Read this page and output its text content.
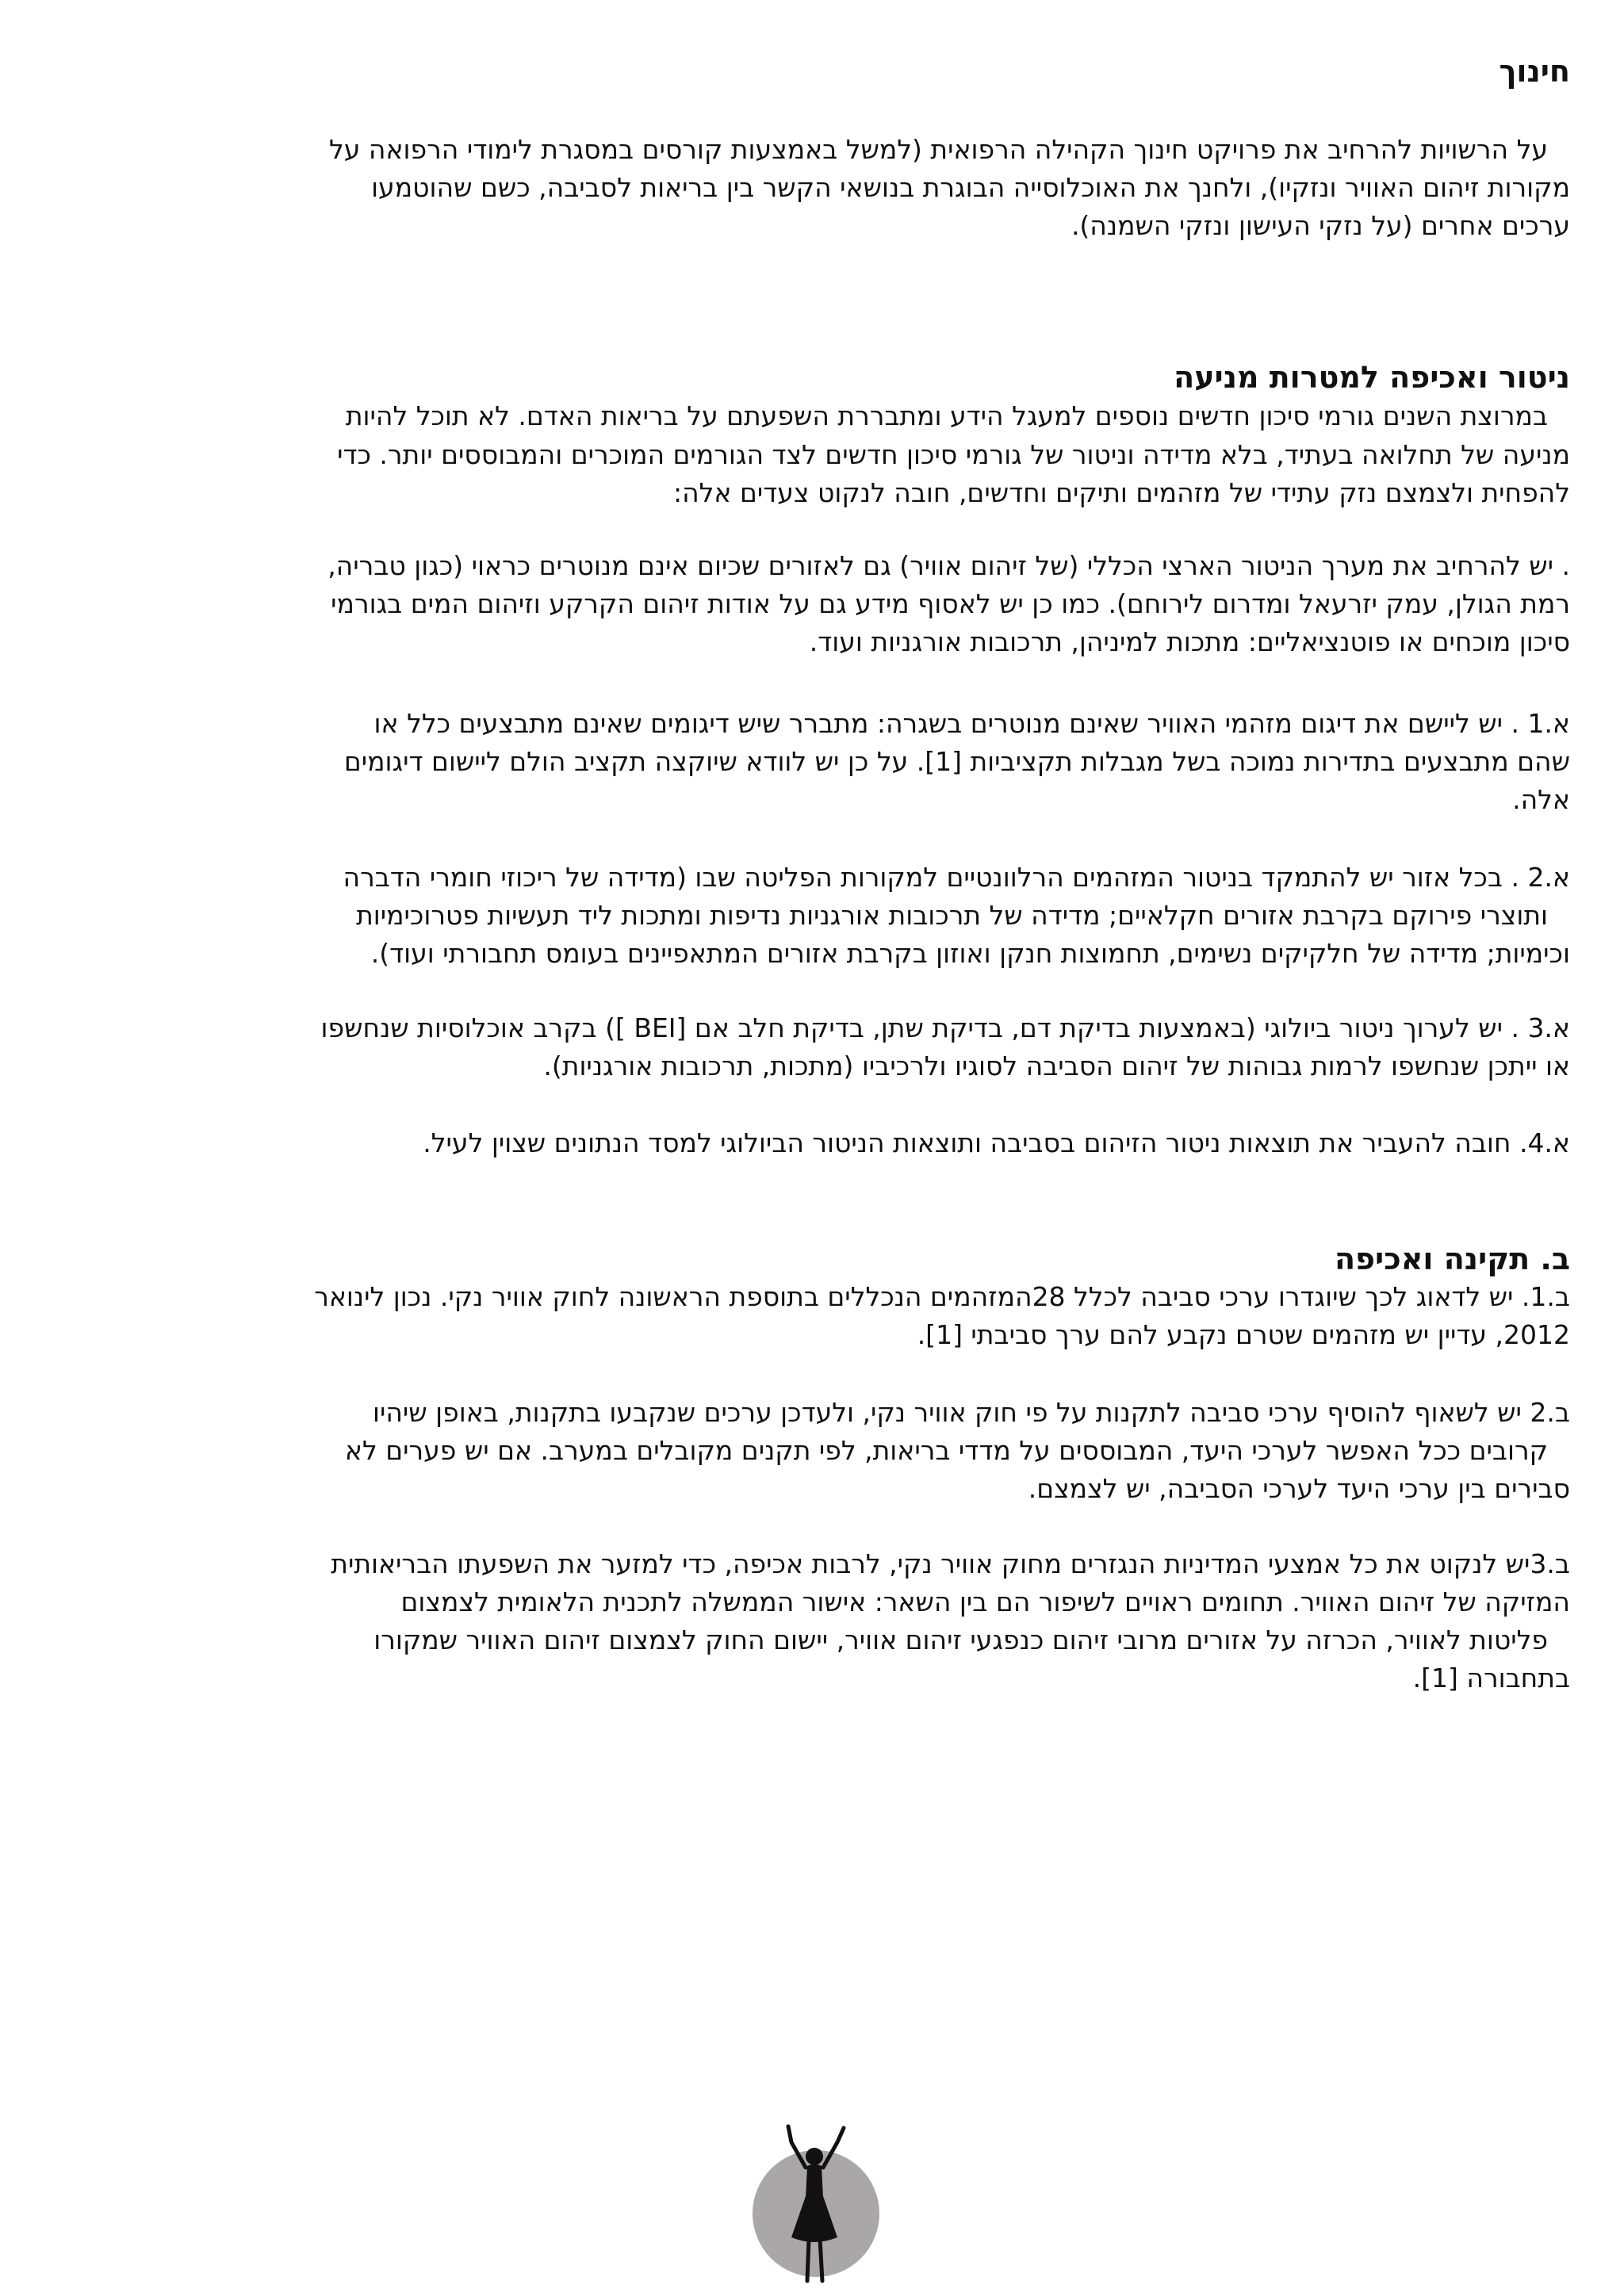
חינוך

על הרשויות להרחיב את פרויקט חינוך הקהילה הרפואית (למשל באמצעות קורסים במסגרת לימודי הרפואה על

מקורות זיהום האוויר ונזקיו), ולחנך את האוכלוסייה הבוגרת בנושאי הקשר בין בריאות לסביבה, כשם שהוטמעו

ערכים אחרים (על נזקי העישון ונזקי השמנה).

ניטור ואכיפה למטרות מניעה

במרוצת השנים גורמי סיכון חדשים נוספים למעגל הידע ומתבררת השפעתם על בריאות האדם. לא תוכל להיות

מניעה של תחלואה בעתיד, בלא מדידה וניטור של גורמי סיכון חדשים לצד הגורמים המוכרים והמבוססים יותר. כדי

להפחית ולצמצם נזק עתידי של מזהמים ותיקים וחדשים, חובה לנקוט צעדים אלה:

. יש להרחיב את מערך הניטור הארצי הכללי (של זיהום אוויר) גם לאזורים שכיום אינם מנוטרים כראוי (כגון טבריה,

רמת הגולן, עמק יזרעאל ומדרום לירוחם). כמו כן יש לאסוף מידע גם על אודות זיהום הקרקע וזיהום המים בגורמי

סיכון מוכחים או פוטנציאליים: מתכות למיניהן, תרכובות אורגניות ועוד.

א.1 . יש ליישם את דיגום מזהמי האוויר שאינם מנוטרים בשגרה: מתברר שיש דיגומים שאינם מתבצעים כלל או

שהם מתבצעים בתדירות נמוכה בשל מגבלות תקציביות [1]. על כן יש לוודא שיוקצה תקציב הולם ליישום דיגומים

אלה.

א.2 . בכל אזור יש להתמקד בניטור המזהמים הרלוונטיים למקורות הפליטה שבו (מדידה של ריכוזי חומרי הדברה

ותוצרי פירוקם בקרבת אזורים חקלאיים; מדידה של תרכובות אורגניות נדיפות ומתכות ליד תעשיות פטרוכימיות

וכימיות; מדידה של חלקיקים נשימים, תחמוצות חנקן ואוזון בקרבת אזורים המתאפיינים בעומס תחבורתי ועוד).

א.3 . יש לערוך ניטור ביולוגי (באמצעות בדיקת דם, בדיקת שתן, בדיקת חלב אם [BEI ]) בקרב אוכלוסיות שנחשפו

או ייתכן שנחשפו לרמות גבוהות של זיהום הסביבה לסוגיו ולרכיביו (מתכות, תרכובות אורגניות).

א.4. חובה להעביר את תוצאות ניטור הזיהום בסביבה ותוצאות הניטור הביולוגי למסד הנתונים שצוין לעיל.

ב. תקינה ואכיפה

ב.1. יש לדאוג לכך שיוגדרו ערכי סביבה לכלל 28המזהמים הנכללים בתוספת הראשונה לחוק אוויר נקי. נכון לינואר

2012, עדיין יש מזהמים שטרם נקבע להם ערך סביבתי [1].

ב.2 יש לשאוף להוסיף ערכי סביבה לתקנות על פי חוק אוויר נקי, ולעדכן ערכים שנקבעו בתקנות, באופן שיהיו

קרובים ככל האפשר לערכי היעד, המבוססים על מדדי בריאות, לפי תקנים מקובלים במערב. אם יש פערים לא

סבירים בין ערכי היעד לערכי הסביבה, יש לצמצם.

ב.3יש לנקוט את כל אמצעי המדיניות הנגזרים מחוק אוויר נקי, לרבות אכיפה, כדי למזער את השפעתו הבריאותית

המזיקה של זיהום האוויר. תחומים ראויים לשיפור הם בין השאר: אישור הממשלה לתכנית הלאומית לצמצום

פליטות לאוויר, הכרזה על אזורים מרובי זיהום כנפגעי זיהום אוויר, יישום החוק לצמצום זיהום האוויר שמקורו

בתחבורה [1].

57
